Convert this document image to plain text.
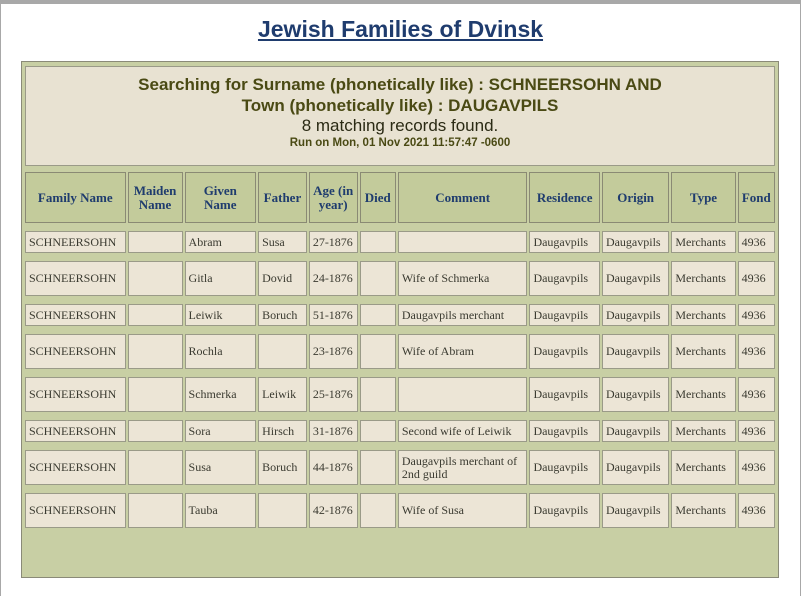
Jewish Families of Dvinsk
Searching for Surname (phonetically like) : SCHNEERSOHN AND
Town (phonetically like) : DAUGAVPILS
8 matching records found.
Run on Mon, 01 Nov 2021 11:57:47 -0600
Family Name	Maiden Name	Given Name	Father	Age (in year)	Died	Comment	Residence	Origin	Type	Fond

SCHNEERSOHN		Abram	Susa	27-1876			Daugavpils	Daugavpils	Merchants	4936

SCHNEERSOHN		Gitla	Dovid	24-1876		Wife of Schmerka	Daugavpils	Daugavpils	Merchants	4936

SCHNEERSOHN		Leiwik	Boruch	51-1876		Daugavpils merchant	Daugavpils	Daugavpils	Merchants	4936

SCHNEERSOHN		Rochla		23-1876		Wife of Abram	Daugavpils	Daugavpils	Merchants	4936

SCHNEERSOHN		Schmerka	Leiwik	25-1876			Daugavpils	Daugavpils	Merchants	4936

SCHNEERSOHN		Sora	Hirsch	31-1876		Second wife of Leiwik	Daugavpils	Daugavpils	Merchants	4936

SCHNEERSOHN		Susa	Boruch	44-1876		Daugavpils merchant of 2nd guild	Daugavpils	Daugavpils	Merchants	4936

SCHNEERSOHN		Tauba		42-1876		Wife of Susa	Daugavpils	Daugavpils	Merchants	4936
